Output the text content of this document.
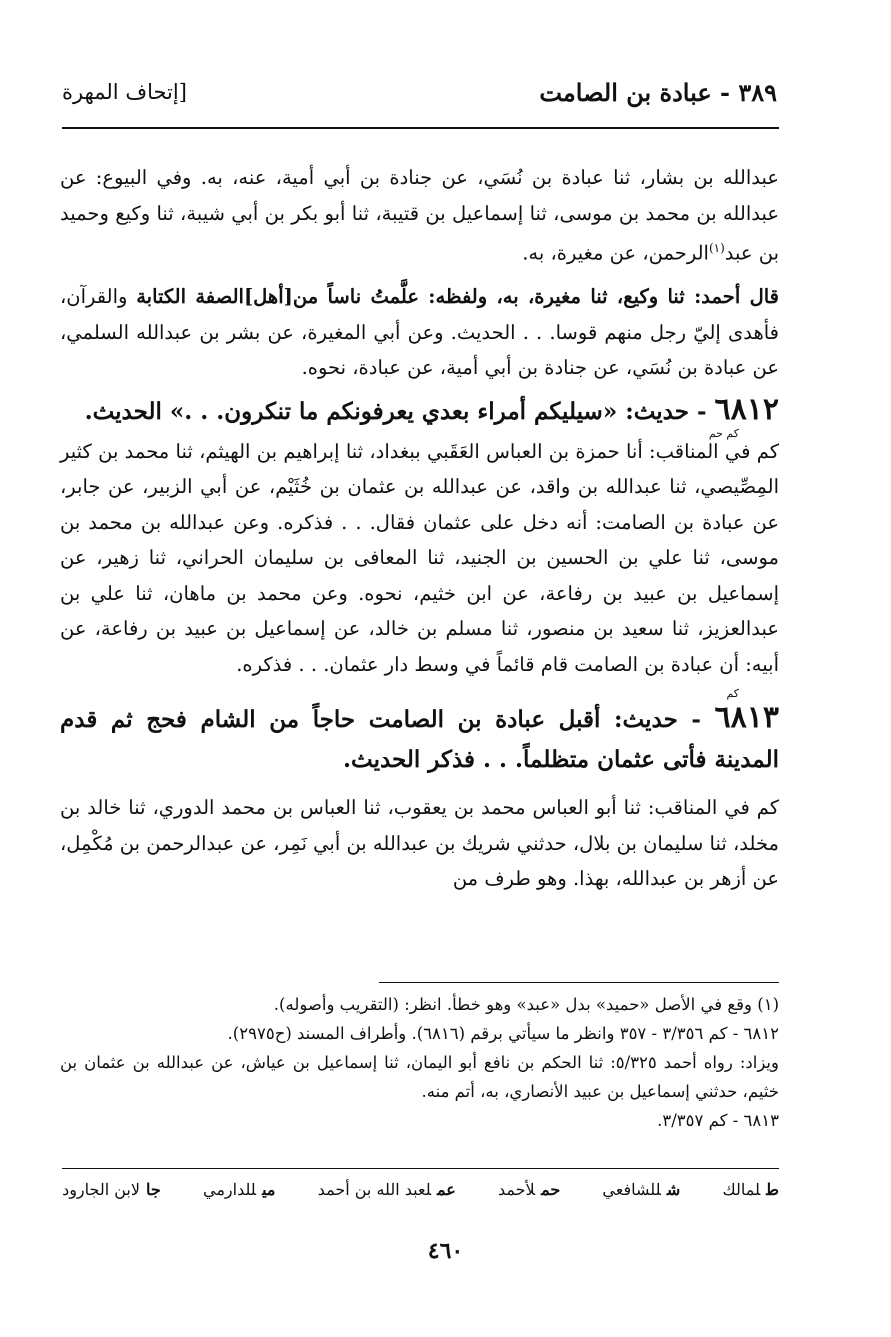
٣٨٩ - عبادة بن الصامت
[إتحاف المهرة

عبدالله بن بشار، ثنا عبادة بن نُسَي، عن جنادة بن أبي أمية، عنه، به. وفي البيوع: عن عبدالله بن محمد بن موسى، ثنا إسماعيل بن قتيبة، ثنا أبو بكر بن أبي شيبة، ثنا وكيع وحميد بن عبد$^{(١)}$الرحمن، عن مغيرة، به.

قال أحمد: ثنا وكيع، ثنا مغيرة، به، ولفظه: علَّمتُ ناساً من[أهل]الصفة الكتابة والقرآن، فأهدى إليّ رجل منهم قوسا. . . الحديث. وعن أبي المغيرة، عن بشر بن عبدالله السلمي، عن عبادة بن نُسَي، عن جنادة بن أبي أمية، عن عبادة، نحوه.

٦٨١٢ - حديث: «سيليكم أمراء بعدي يعرفونكم ما تنكرون. . .» الحديث.

كم حم

كم في المناقب: أنا حمزة بن العباس العَقَبي ببغداد، ثنا إبراهيم بن الهيثم، ثنا محمد بن كثير المِصِّيصي، ثنا عبدالله بن واقد، عن عبدالله بن عثمان بن خُثَيْم، عن أبي الزبير، عن جابر، عن عبادة بن الصامت: أنه دخل على عثمان فقال. . . فذكره. وعن عبدالله بن محمد بن موسى، ثنا علي بن الحسين بن الجنيد، ثنا المعافى بن سليمان الحراني، ثنا زهير، عن إسماعيل بن عبيد بن رفاعة، عن ابن خثيم، نحوه. وعن محمد بن ماهان، ثنا علي بن عبدالعزيز، ثنا سعيد بن منصور، ثنا مسلم بن خالد، عن إسماعيل بن عبيد بن رفاعة، عن أبيه: أن عبادة بن الصامت قام قائماً في وسط دار عثمان. . . فذكره.

كم

٦٨١٣ - حديث: أقبل عبادة بن الصامت حاجاً من الشام فحج ثم قدم المدينة فأتى عثمان متظلماً. . . فذكر الحديث.

كم في المناقب: ثنا أبو العباس محمد بن يعقوب، ثنا العباس بن محمد الدوري، ثنا خالد بن مخلد، ثنا سليمان بن بلال، حدثني شريك بن عبدالله بن أبي نَمِر، عن عبدالرحمن بن مُكْمِل، عن أزهر بن عبدالله، بهذا. وهو طرف من

(١) وقع في الأصل «حميد» بدل «عبد» وهو خطأ. انظر: (التقريب وأصوله).

٦٨١٢ - كم ٣/٣٥٦ - ٣٥٧ وانظر ما سيأتي برقم (٦٨١٦). وأطراف المسند (ح٢٩٧٥).

ويزاد: رواه أحمد ٥/٣٢٥: ثنا الحكم بن نافع أبو اليمان، ثنا إسماعيل بن عياش، عن عبدالله بن عثمان بن خثيم، حدثني إسماعيل بن عبيد الأنصاري، به، أتم منه.

٦٨١٣ - كم ٣/٣٥٧.

طلمالك
شللشافعي
حملأحمد
عملعبد الله بن أحمد
ميللدارمي
جالابن الجارود
٤٦٠
